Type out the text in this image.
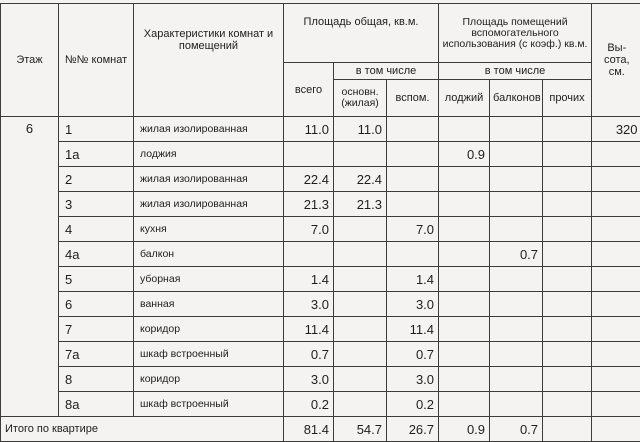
Этаж	№№ комнат	Характеристики комнат и помещений	Площадь общая, кв.м.			Площадь помещений вспомогательного использования (с коэф.) кв.м.			Вы- сота, см.
			всего	в том числе		в том числе			
				основн. (жилая)	вспом.	лоджий	балконов	прочих	
6	1	жилая изолированная	11.0	11.0					320
	1а	лоджия				0.9			
	2	жилая изолированная	22.4	22.4					
	3	жилая изолированная	21.3	21.3					
	4	кухня	7.0		7.0				
	4а	балкон					0.7		
	5	уборная	1.4		1.4				
	6	ванная	3.0		3.0				
	7	коридор	11.4		11.4				
	7а	шкаф встроенный	0.7		0.7				
	8	коридор	3.0		3.0				
	8а	шкаф встроенный	0.2		0.2				
Итого по квартире			81.4	54.7	26.7	0.9	0.7		
